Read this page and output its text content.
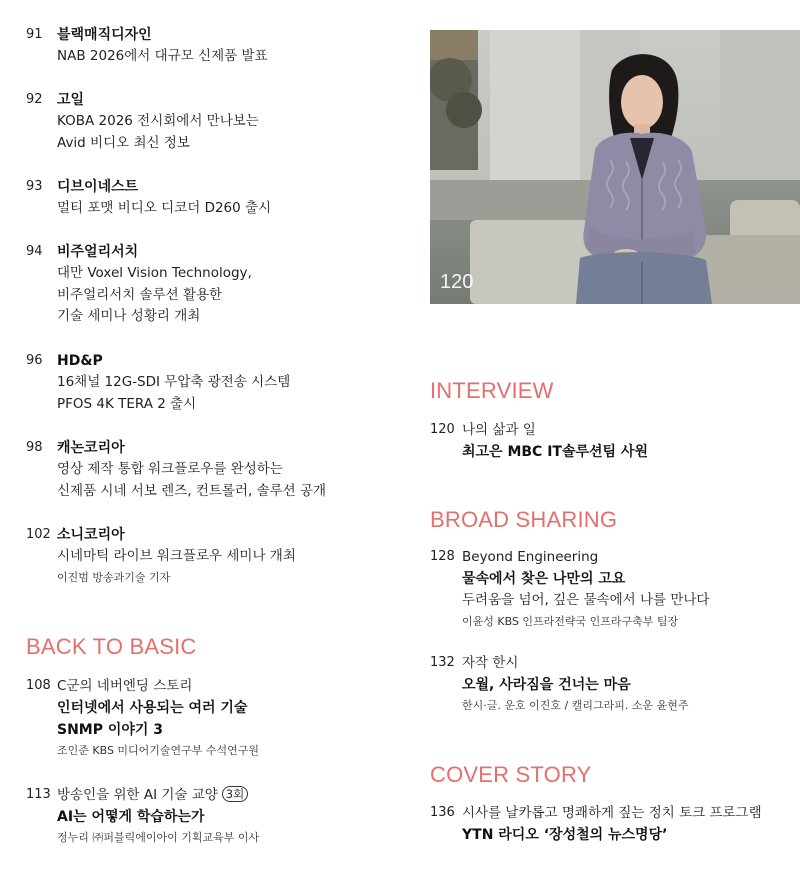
91 블랙매직디자인
NAB 2026에서 대규모 신제품 발표
92 고일
KOBA 2026 전시회에서 만나보는
Avid 비디오 최신 정보
93 디브이네스트
멀티 포맷 비디오 디코더 D260 출시
94 비주얼리서치
대만 Voxel Vision Technology,
비주얼리서치 솔루션 활용한
기술 세미나 성황리 개최
96 HD&P
16채널 12G-SDI 무압축 광전송 시스템
PFOS 4K TERA 2 출시
98 캐논코리아
영상 제작 통합 워크플로우를 완성하는
신제품 시네 서보 렌즈, 컨트롤러, 솔루션 공개
102 소니코리아
시네마틱 라이브 워크플로우 세미나 개최
이진범 방송과기술 기자
BACK TO BASIC
108 C군의 네버엔딩 스토리
인터넷에서 사용되는 여러 기술
SNMP 이야기 3
조인준 KBS 미디어기술연구부 수석연구원
113 방송인을 위한 AI 기술 교양 3회
AI는 어떻게 학습하는가
정누리 ㈜퍼블릭에이아이 기획교육부 이사
120
INTERVIEW
120 나의 삶과 일
최고은 MBC IT솔루션팀 사원
BROAD SHARING
128 Beyond Engineering
물속에서 찾은 나만의 고요
두려움을 넘어, 깊은 물속에서 나를 만나다
이윤성 KBS 인프라전략국 인프라구축부 팀장
132 자작 한시
오월, 사라짐을 건너는 마음
한시·글. 운호 이진호 / 캘리그라피. 소운 윤현주
COVER STORY
136 시사를 날카롭고 명쾌하게 짚는 정치 토크 프로그램
YTN 라디오 ‘장성철의 뉴스명당’
